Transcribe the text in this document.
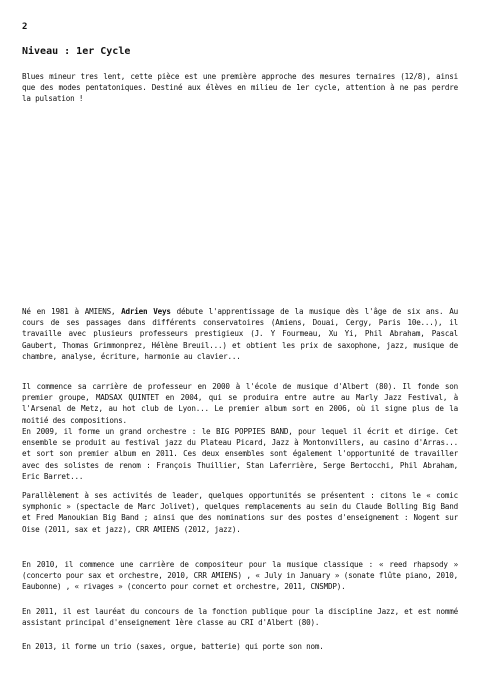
2
Niveau : 1er Cycle

Blues mineur tres lent, cette pièce est une première approche des mesures ternaires (12/8), ainsi que des modes pentatoniques. Destiné aux élèves en milieu de 1er cycle, attention à ne pas perdre la pulsation !

Né en 1981 à AMIENS, Adrien Veys débute l'apprentissage de la musique dès l'âge de six ans. Au cours de ses passages dans différents conservatoires (Amiens, Douai, Cergy, Paris 10e...), il travaille avec plusieurs professeurs prestigieux (J. Y Fourmeau, Xu Yi, Phil Abraham, Pascal Gaubert, Thomas Grimmonprez, Hélène Breuil...) et obtient les prix de saxophone, jazz, musique de chambre, analyse, écriture, harmonie au clavier...

Il commence sa carrière de professeur en 2000 à l'école de musique d'Albert (80). Il fonde son premier groupe, MADSAX QUINTET en 2004, qui se produira entre autre au Marly Jazz Festival, à l'Arsenal de Metz, au hot club de Lyon... Le premier album sort en 2006, où il signe plus de la moitié des compositions.

En 2009, il forme un grand orchestre : le BIG POPPIES BAND, pour lequel il écrit et dirige. Cet ensemble se produit au festival jazz du Plateau Picard, Jazz à Montonvillers, au casino d'Arras... et sort son premier album en 2011. Ces deux ensembles sont également l'opportunité de travailler avec des solistes de renom : François Thuillier, Stan Laferrière, Serge Bertocchi, Phil Abraham, Eric Barret...

Parallèlement à ses activités de leader, quelques opportunités se présentent : citons le « comic symphonic » (spectacle de Marc Jolivet), quelques remplacements au sein du Claude Bolling Big Band et Fred Manoukian Big Band ; ainsi que des nominations sur des postes d'enseignement : Nogent sur Oise (2011, sax et jazz), CRR AMIENS (2012, jazz).

En 2010, il commence une carrière de compositeur pour la musique classique : « reed rhapsody » (concerto pour sax et orchestre, 2010, CRR AMIENS) , « July in January » (sonate flûte piano, 2010, Eaubonne) , « rivages » (concerto pour cornet et orchestre, 2011, CNSMDP).

En 2011, il est lauréat du concours de la fonction publique pour la discipline Jazz, et est nommé assistant principal d'enseignement 1ère classe au CRI d'Albert (80).

En 2013, il forme un trio (saxes, orgue, batterie) qui porte son nom.
